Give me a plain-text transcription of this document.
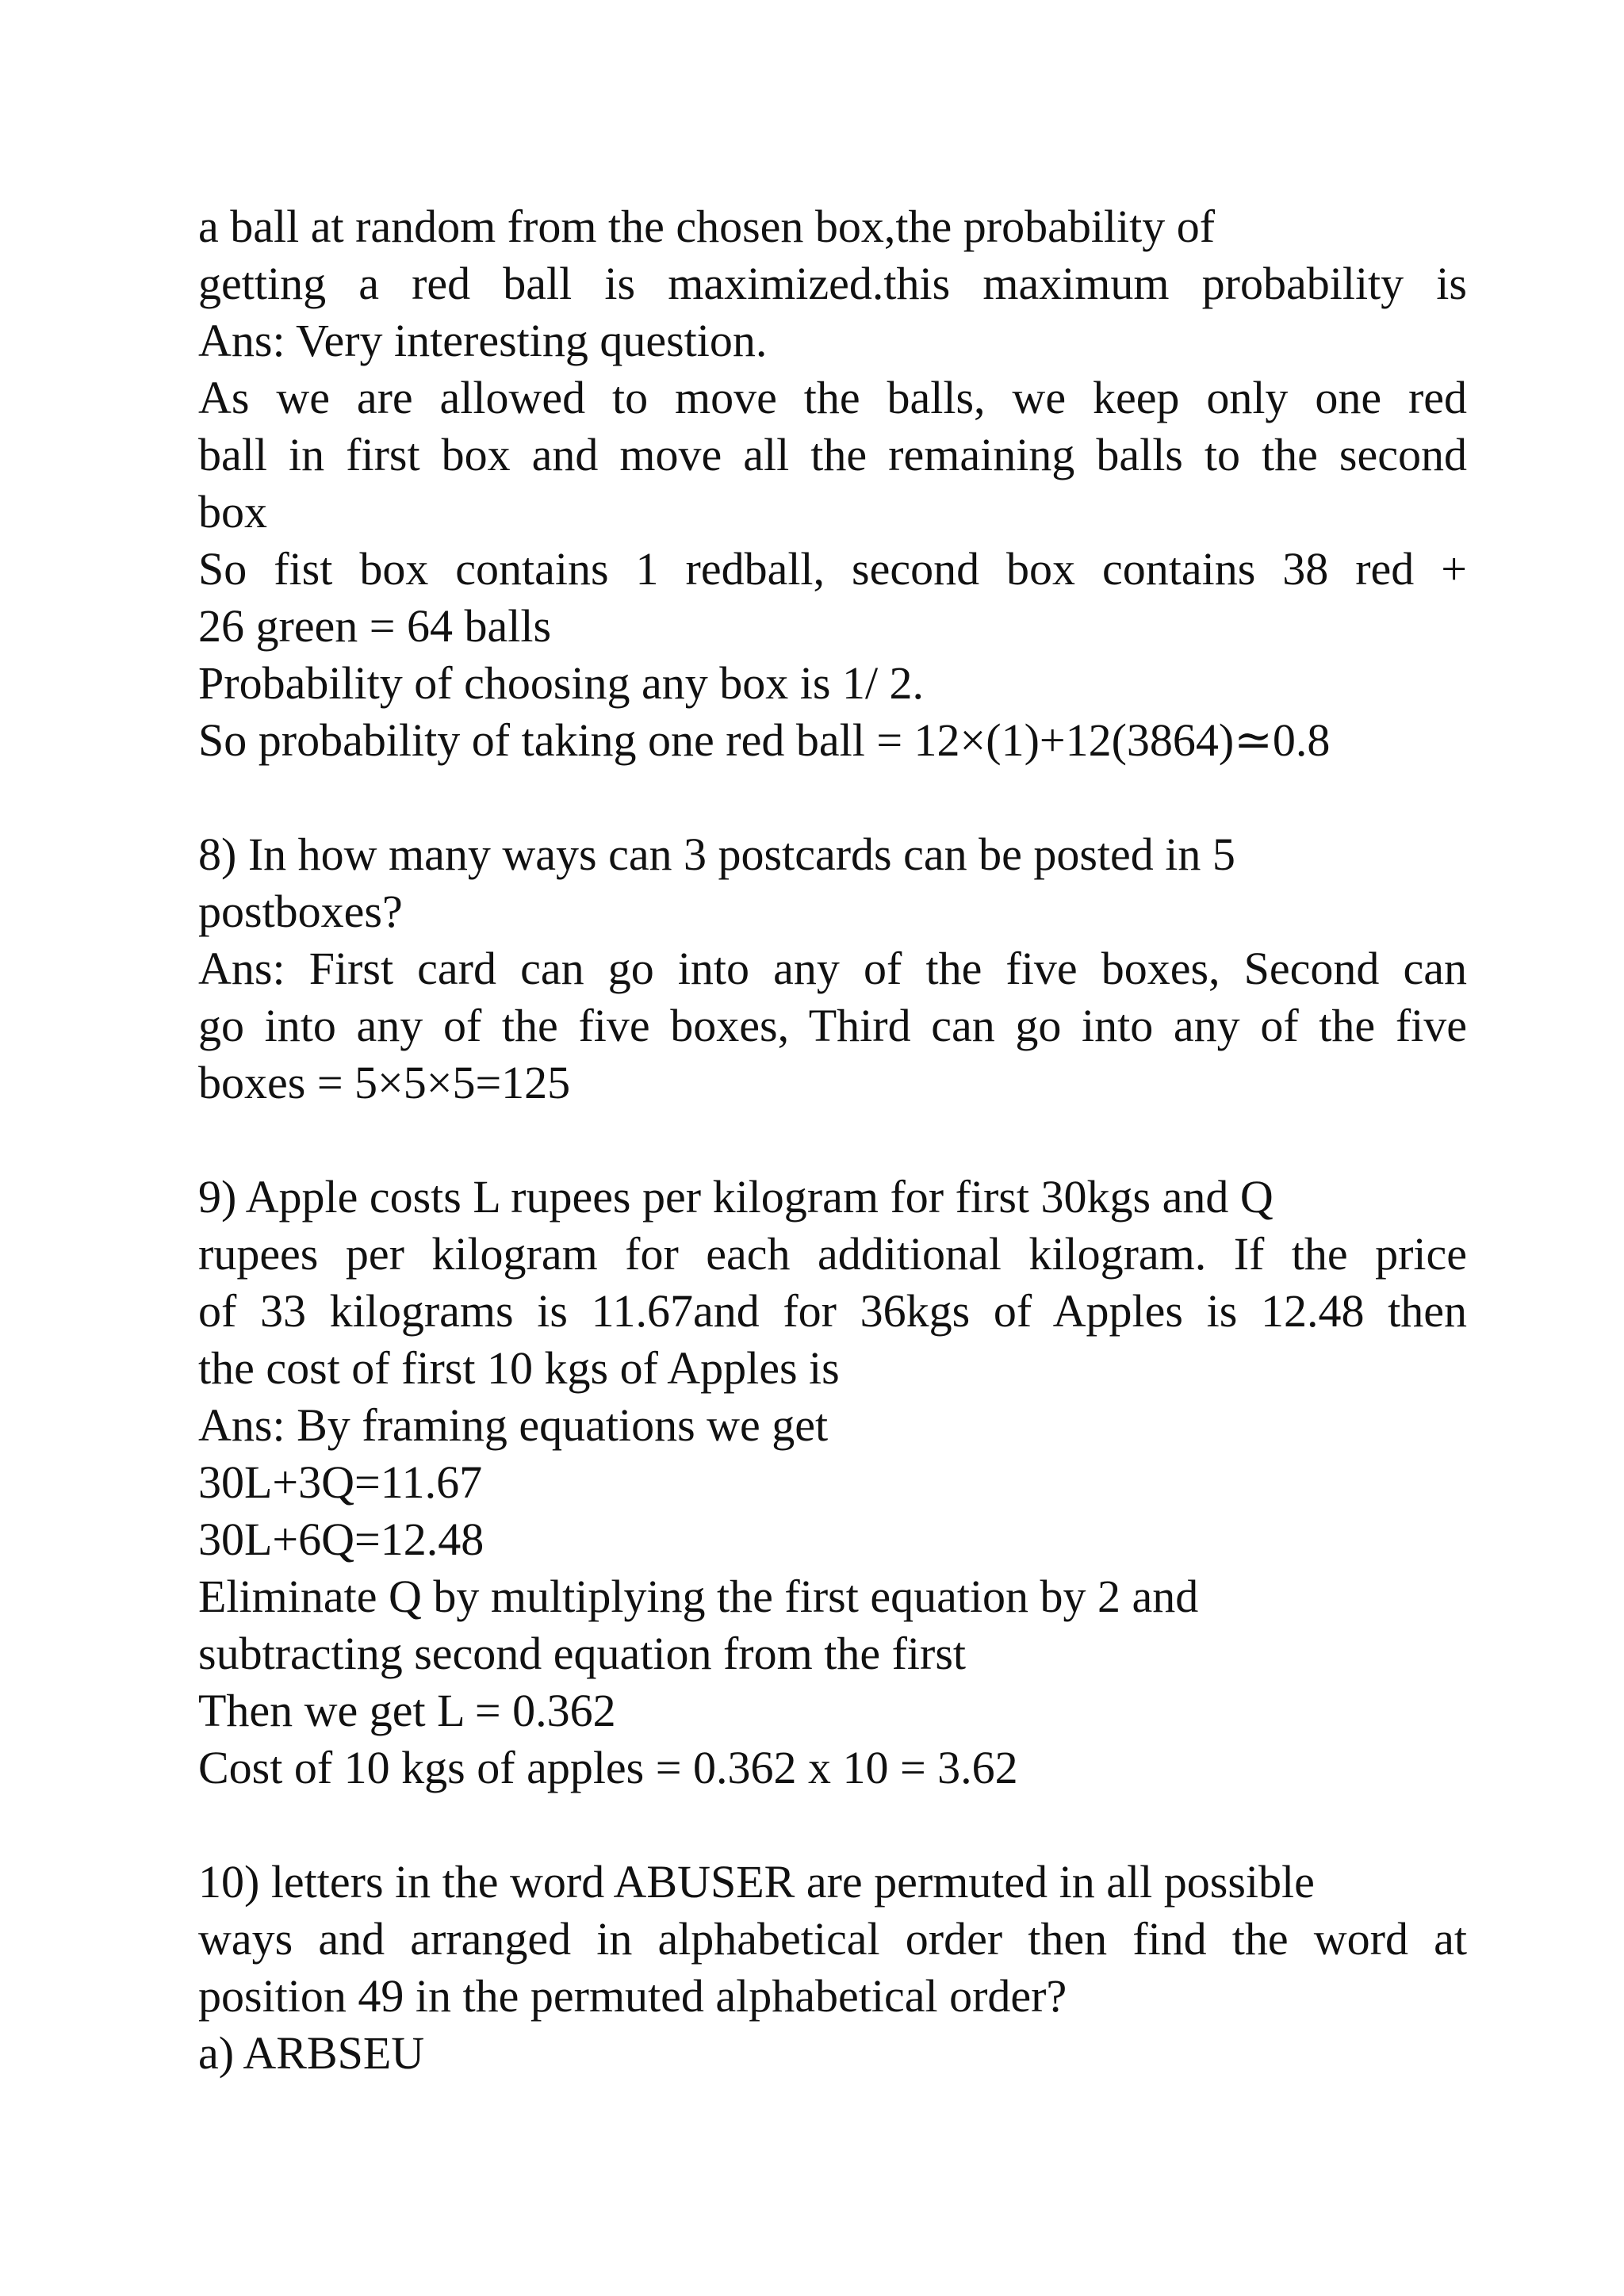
a ball at random from the chosen box,the probability of

getting a red ball is maximized.this maximum probability is

Ans: Very interesting question.

As we are allowed to move the balls, we keep only one red

ball in first box and move all the remaining balls to the second

box

So fist box contains 1 redball, second box contains 38 red +

26 green = 64 balls

Probability of choosing any box is 1/ 2.

So probability of taking one red ball = 12×(1)+12(3864)≃0.8

8) In how many ways can 3 postcards can be posted in 5

postboxes?

Ans: First card can go into any of the five boxes, Second can

go into any of the five boxes, Third can go into any of the five

boxes = 5×5×5=125

9) Apple costs L rupees per kilogram for first 30kgs and Q

rupees per kilogram for each additional kilogram. If the price

of 33 kilograms is 11.67and for 36kgs of Apples is 12.48 then

the cost of first 10 kgs of Apples is

Ans: By framing equations we get

30L+3Q=11.67

30L+6Q=12.48

Eliminate Q by multiplying the first equation by 2 and

subtracting second equation from the first

Then we get L = 0.362

Cost of 10 kgs of apples = 0.362 x 10 = 3.62

10) letters in the word ABUSER are permuted in all possible

ways and arranged in alphabetical order then find the word at

position 49 in the permuted alphabetical order?

a) ARBSEU
